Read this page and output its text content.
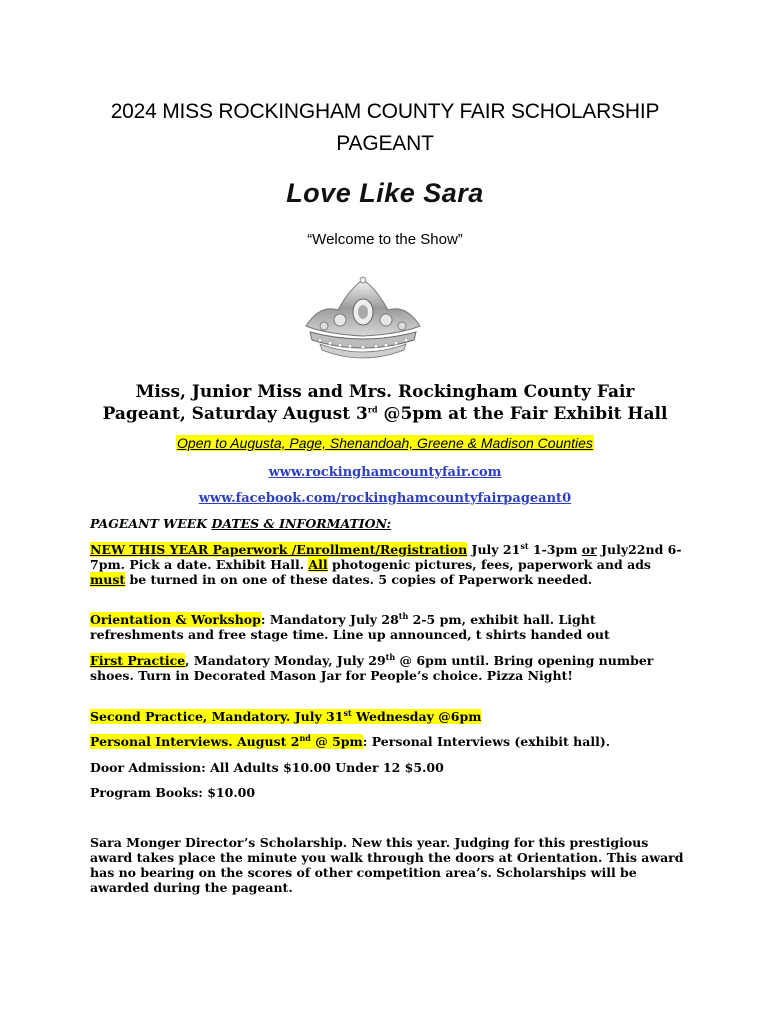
2024 MISS ROCKINGHAM COUNTY FAIR SCHOLARSHIP
PAGEANT
Love Like Sara
“Welcome to the Show”
Miss, Junior Miss and Mrs. Rockingham County Fair
Pageant, Saturday August 3rd @5pm at the Fair Exhibit Hall
Open to Augusta, Page, Shenandoah, Greene & Madison Counties
www.rockinghamcountyfair.com
www.facebook.com/rockinghamcountyfairpageant0
PAGEANT WEEK DATES & INFORMATION:
NEW THIS YEAR Paperwork /Enrollment/Registration July 21st 1-3pm or July22nd 6-7pm. Pick a date. Exhibit Hall. All photogenic pictures, fees, paperwork and ads must be turned in on one of these dates. 5 copies of Paperwork needed.
Orientation & Workshop: Mandatory July 28th 2-5 pm, exhibit hall. Light refreshments and free stage time. Line up announced, t shirts handed out
First Practice, Mandatory Monday, July 29th @ 6pm until. Bring opening number shoes. Turn in Decorated Mason Jar for People’s choice. Pizza Night!
Second Practice, Mandatory. July 31st Wednesday @6pm
Personal Interviews. August 2nd @ 5pm: Personal Interviews (exhibit hall).
Door Admission: All Adults $10.00 Under 12 $5.00
Program Books: $10.00
Sara Monger Director’s Scholarship. New this year. Judging for this prestigious award takes place the minute you walk through the doors at Orientation. This award has no bearing on the scores of other competition area’s. Scholarships will be awarded during the pageant.
